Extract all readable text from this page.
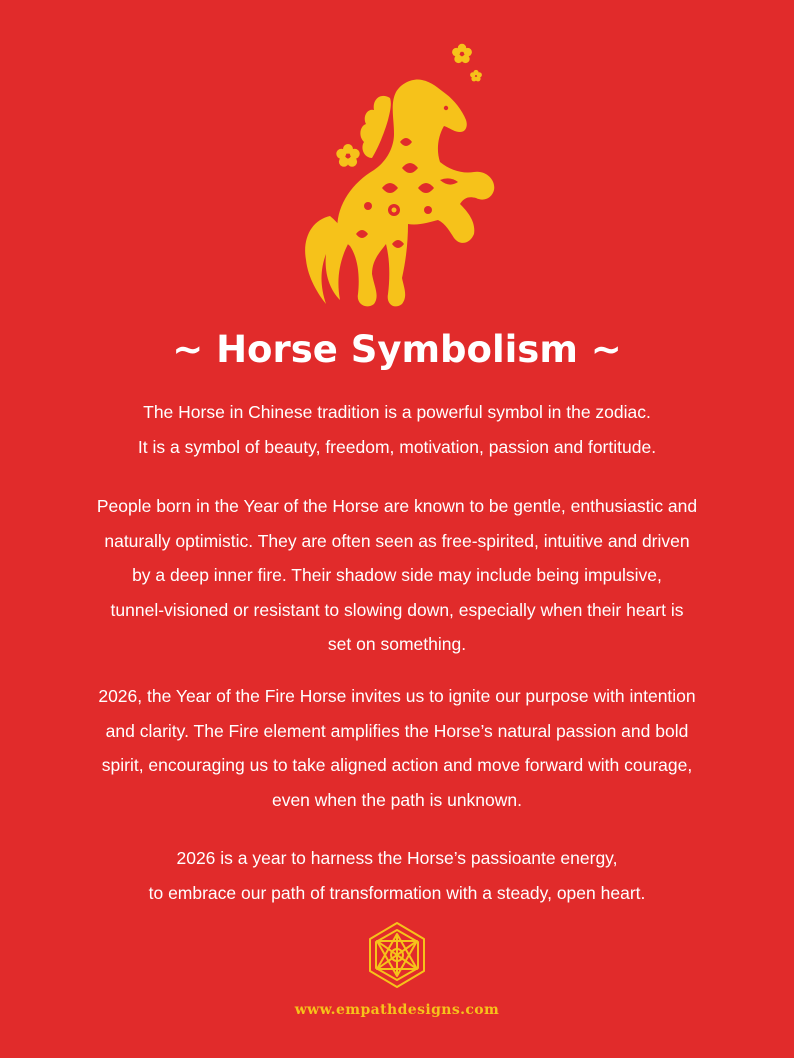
~ Horse Symbolism ~
The Horse in Chinese tradition is a powerful symbol in the zodiac.
It is a symbol of beauty, freedom, motivation, passion and fortitude.
People born in the Year of the Horse are known to be gentle, enthusiastic and
naturally optimistic. They are often seen as free-spirited, intuitive and driven
by a deep inner fire. Their shadow side may include being impulsive,
tunnel-visioned or resistant to slowing down, especially when their heart is
set on something.
2026, the Year of the Fire Horse invites us to ignite our purpose with intention
and clarity. The Fire element amplifies the Horse’s natural passion and bold
spirit, encouraging us to take aligned action and move forward with courage,
even when the path is unknown.
2026 is a year to harness the Horse’s passioante energy,
to embrace our path of transformation with a steady, open heart.
www.empathdesigns.com
